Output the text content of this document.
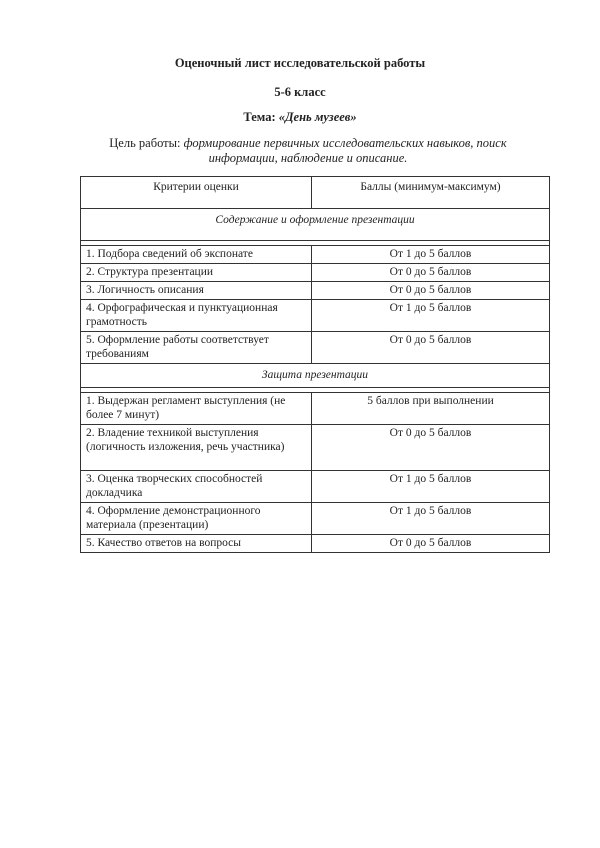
Оценочный лист исследовательской работы
5-6 класс
Тема: «День музеев»
Цель работы: формирование первичных исследовательских навыков, поиск информации, наблюдение и описание.
Критерии оценки	Баллы (минимум-максимум)
Содержание и оформление презентации	

1. Подбора сведений об экспонате	От 1 до 5 баллов
2. Структура презентации	От 0 до 5 баллов
3. Логичность описания	От 0 до 5 баллов
4. Орфографическая и пунктуационная грамотность	От 1 до 5 баллов
5. Оформление работы соответствует требованиям	От 0 до 5 баллов
Защита презентации	

1. Выдержан регламент выступления (не более 7 минут)	5 баллов при выполнении
2. Владение техникой выступления (логичность изложения, речь участника)	От 0 до 5 баллов
3. Оценка творческих способностей докладчика	От 1 до 5 баллов
4. Оформление демонстрационного материала (презентации)	От 1 до 5 баллов
5. Качество ответов на вопросы	От 0 до 5 баллов
